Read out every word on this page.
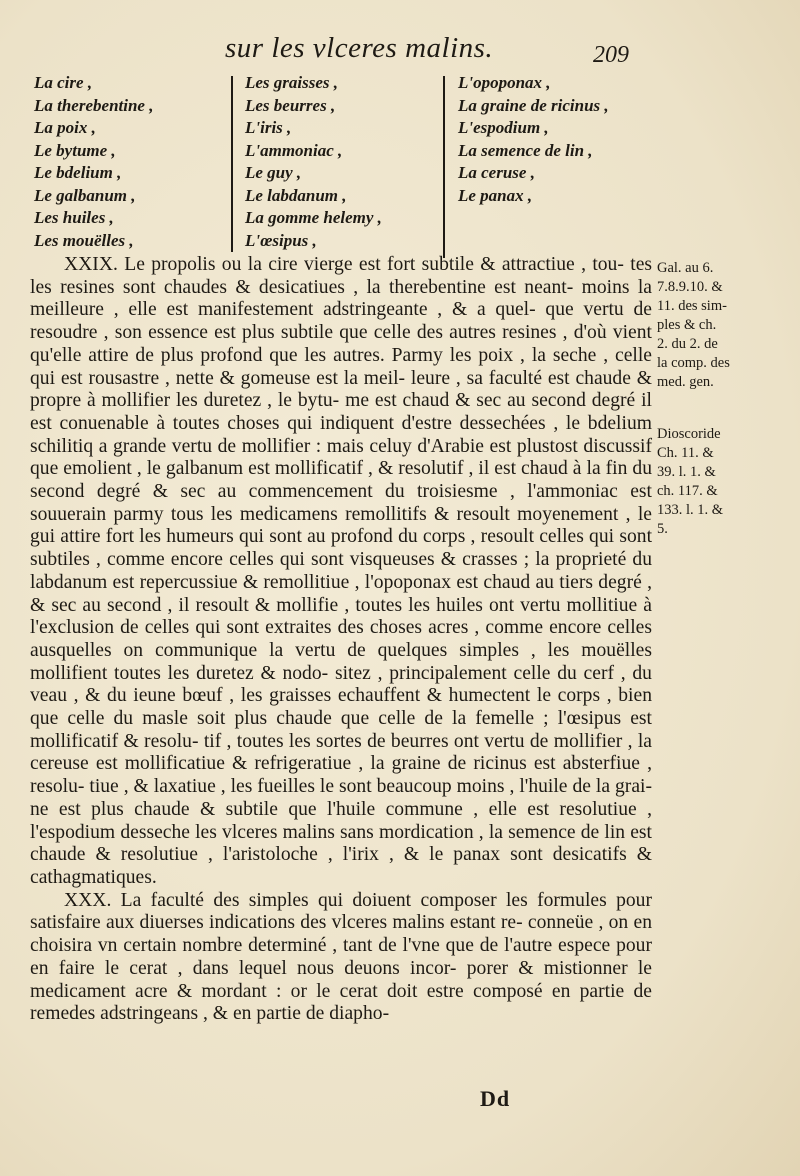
sur les vlceres malins.	209
La cire ,
La therebentine ,
La poix ,
Le bytume ,
Le bdelium ,
Le galbanum ,
Les huiles ,
Les mouëlles ,
Les graisses ,
Les beurres ,
L'iris ,
L'ammoniac ,
Le guy ,
Le labdanum ,
La gomme helemy ,
L'œsipus ,
L'opoponax ,
La graine de ricinus ,
L'espodium ,
La semence de lin ,
La ceruse ,
Le panax ,

XXIX. Le propolis ou la cire vierge est fort subtile & attractiue , tou- tes les resines sont chaudes & desicatiues , la therebentine est neant- moins la meilleure , elle est manifestement adstringeante , & a quel- que vertu de resoudre , son essence est plus subtile que celle des autres resines , d'où vient qu'elle attire de plus profond que les autres. Parmy les poix , la seche , celle qui est rousastre , nette & gomeuse est la meil- leure , sa faculté est chaude & propre à mollifier les duretez , le bytu- me est chaud & sec au second degré il est conuenable à toutes choses qui indiquent d'estre dessechées , le bdelium schilitiq a grande vertu de mollifier : mais celuy d'Arabie est plustost discussif que emolient , le galbanum est mollificatif , & resolutif , il est chaud à la fin du second degré & sec au commencement du troisiesme , l'ammoniac est souuerain parmy tous les medicamens remollitifs & resoult moyenement , le gui attire fort les humeurs qui sont au profond du corps , resoult celles qui sont subtiles , comme encore celles qui sont visqueuses & crasses ; la proprieté du labdanum est repercussiue & remollitiue , l'opoponax est chaud au tiers degré , & sec au second , il resoult & mollifie , toutes les huiles ont vertu mollitiue à l'exclusion de celles qui sont extraites des choses acres , comme encore celles ausquelles on communique la vertu de quelques simples , les mouëlles mollifient toutes les duretez & nodo- sitez , principalement celle du cerf , du veau , & du ieune bœuf , les graisses echauffent & humectent le corps , bien que celle du masle soit plus chaude que celle de la femelle ; l'œsipus est mollificatif & resolu- tif , toutes les sortes de beurres ont vertu de mollifier , la cereuse est mollificatiue & refrigeratiue , la graine de ricinus est absterfiue , resolu- tiue , & laxatiue , les fueilles le sont beaucoup moins , l'huile de la grai- ne est plus chaude & subtile que l'huile commune , elle est resolutiue , l'espodium desseche les vlceres malins sans mordication , la semence de lin est chaude & resolutiue , l'aristoloche , l'irix , & le panax sont desicatifs & cathagmatiques.

XXX. La faculté des simples qui doiuent composer les formules pour satisfaire aux diuerses indications des vlceres malins estant re- conneüe , on en choisira vn certain nombre determiné , tant de l'vne que de l'autre espece pour en faire le cerat , dans lequel nous deuons incor- porer & mistionner le medicament acre & mordant : or le cerat doit estre composé en partie de remedes adstringeans , & en partie de diapho-

Gal. au 6.
7.8.9.10. &
11. des sim-
ples & ch.
2. du 2. de
la comp. des
med. gen.
Dioscoride
Ch. 11. &
39. l. 1. &
ch. 117. &
133. l. 1. &
5.
Dd
